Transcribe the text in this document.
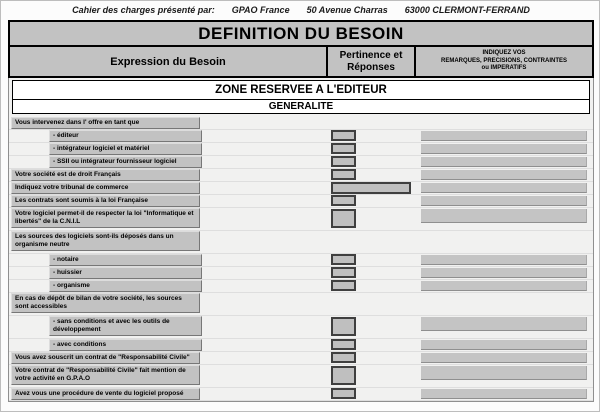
Cahier des charges présenté par: GPAO France 50 Avenue Charras 63000 CLERMONT-FERRAND
DEFINITION DU BESOIN
Expression du Besoin
Pertinence et Réponses
INDIQUEZ VOS
REMARQUES, PRECISIONS, CONTRAINTES
ou IMPERATIFS
ZONE RESERVEE A L'EDITEUR
GENERALITE
Vous intervenez dans l' offre en tant que
- éditeur
- intégrateur logiciel et matériel
- SSII ou intégrateur fournisseur logiciel
Votre société est de droit Français
Indiquez votre tribunal de commerce
Les contrats sont soumis à la loi Française
Votre logiciel permet-il de respecter la loi "Informatique et libertés" de la C.N.I.L
Les sources des logiciels sont-ils déposés dans un organisme neutre
- notaire
- huissier
- organisme
En cas de dépôt de bilan de votre société, les sources sont accessibles
- sans conditions et avec les outils de développement
- avec conditions
Vous avez souscrit un contrat de "Responsabilité Civile"
Votre contrat de "Responsabilité Civile" fait mention de votre activité en G.P.A.O
Avez vous une procédure de vente du logiciel proposé
